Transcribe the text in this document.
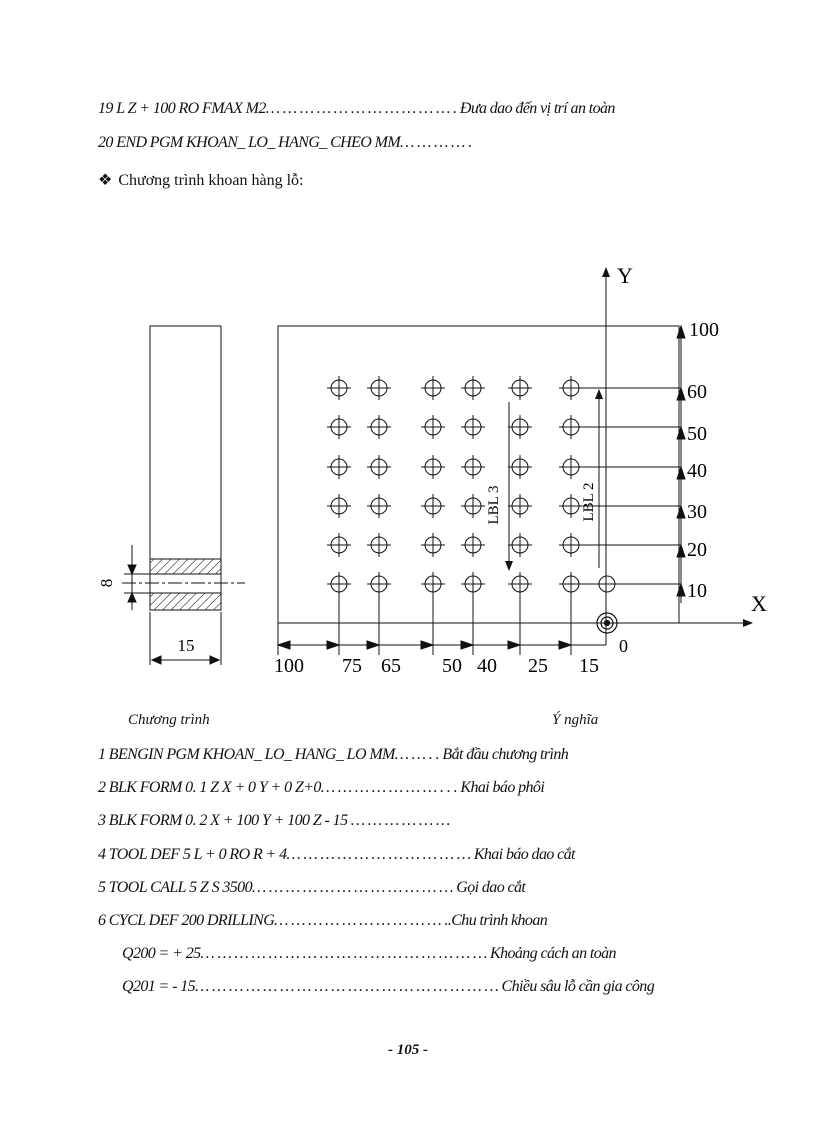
19 L Z + 100 RO FMAX M2… … … … … … … … … … … . Đưa dao đến vị trí an toàn
20 END PGM KHOAN_ LO_ HANG_ CHEO MM… … … … .
❖ Chương trình khoan hàng lỗ:
15
8
0
Y
X
100
60
50
40
30
20
10
100 75 65 50 40 25 15
LBL 3	LBL 2
Chương trình	Ý nghĩa
1 BENGIN PGM KHOAN_ LO_ HANG_ LO MM… … . . Bắt đầu chương trình
2 BLK FORM 0. 1 Z X + 0 Y + 0 Z+0… … … … … … … . . . Khai báo phôi
3 BLK FORM 0. 2 X + 100 Y + 100 Z - 15 … … … … … …
4 TOOL DEF 5 L + 0 RO R + 4… … … … … … … … … … … Khai báo dao cắt
5 TOOL CALL 5 Z S 3500… … … … … … … … … … … … Gọi dao cắt
6 CYCL DEF 200 DRILLING… … … … … … … … … … ..Chu trình khoan
Q200 = + 25… … … … … … … … … … … … … … … … … Khoảng cách an toàn
Q201 = - 15… … … … … … … … … … … … … … … … … … Chiều sâu lỗ cần gia công
- 105 -
